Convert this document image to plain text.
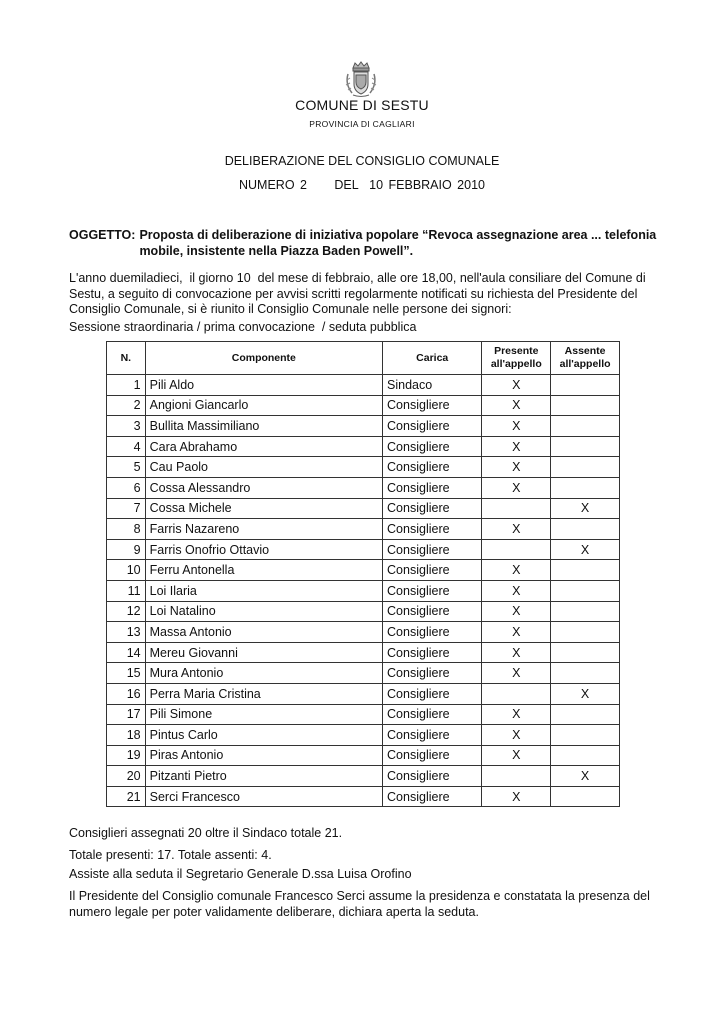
COMUNE DI SESTU
PROVINCIA DI CAGLIARI
DELIBERAZIONE DEL CONSIGLIO COMUNALE
NUMERO 2     DEL  10 FEBBRAIO 2010
OGGETTO: Proposta di deliberazione di iniziativa popolare “Revoca assegnazione area ... telefonia mobile, insistente nella Piazza Baden Powell”.
L'anno duemiladieci,  il giorno 10  del mese di febbraio, alle ore 18,00, nell'aula consiliare del Comune di Sestu, a seguito di convocazione per avvisi scritti regolarmente notificati su richiesta del Presidente del Consiglio Comunale, si è riunito il Consiglio Comunale nelle persone dei signori:
Sessione straordinaria / prima convocazione  / seduta pubblica
N.	Componente	Carica	Presente all'appello	Assente all'appello
1	Pili Aldo	Sindaco	X	
2	Angioni Giancarlo	Consigliere	X	
3	Bullita Massimiliano	Consigliere	X	
4	Cara Abrahamo	Consigliere	X	
5	Cau Paolo	Consigliere	X	
6	Cossa Alessandro	Consigliere	X	
7	Cossa Michele	Consigliere		X
8	Farris Nazareno	Consigliere	X	
9	Farris Onofrio Ottavio	Consigliere		X
10	Ferru Antonella	Consigliere	X	
11	Loi Ilaria	Consigliere	X	
12	Loi Natalino	Consigliere	X	
13	Massa Antonio	Consigliere	X	
14	Mereu Giovanni	Consigliere	X	
15	Mura Antonio	Consigliere	X	
16	Perra Maria Cristina	Consigliere		X
17	Pili Simone	Consigliere	X	
18	Pintus Carlo	Consigliere	X	
19	Piras Antonio	Consigliere	X	
20	Pitzanti Pietro	Consigliere		X
21	Serci Francesco	Consigliere	X	
Consiglieri assegnati 20 oltre il Sindaco totale 21.
Totale presenti: 17. Totale assenti: 4.
Assiste alla seduta il Segretario Generale D.ssa Luisa Orofino
Il Presidente del Consiglio comunale Francesco Serci assume la presidenza e constatata la presenza del numero legale per poter validamente deliberare, dichiara aperta la seduta.
